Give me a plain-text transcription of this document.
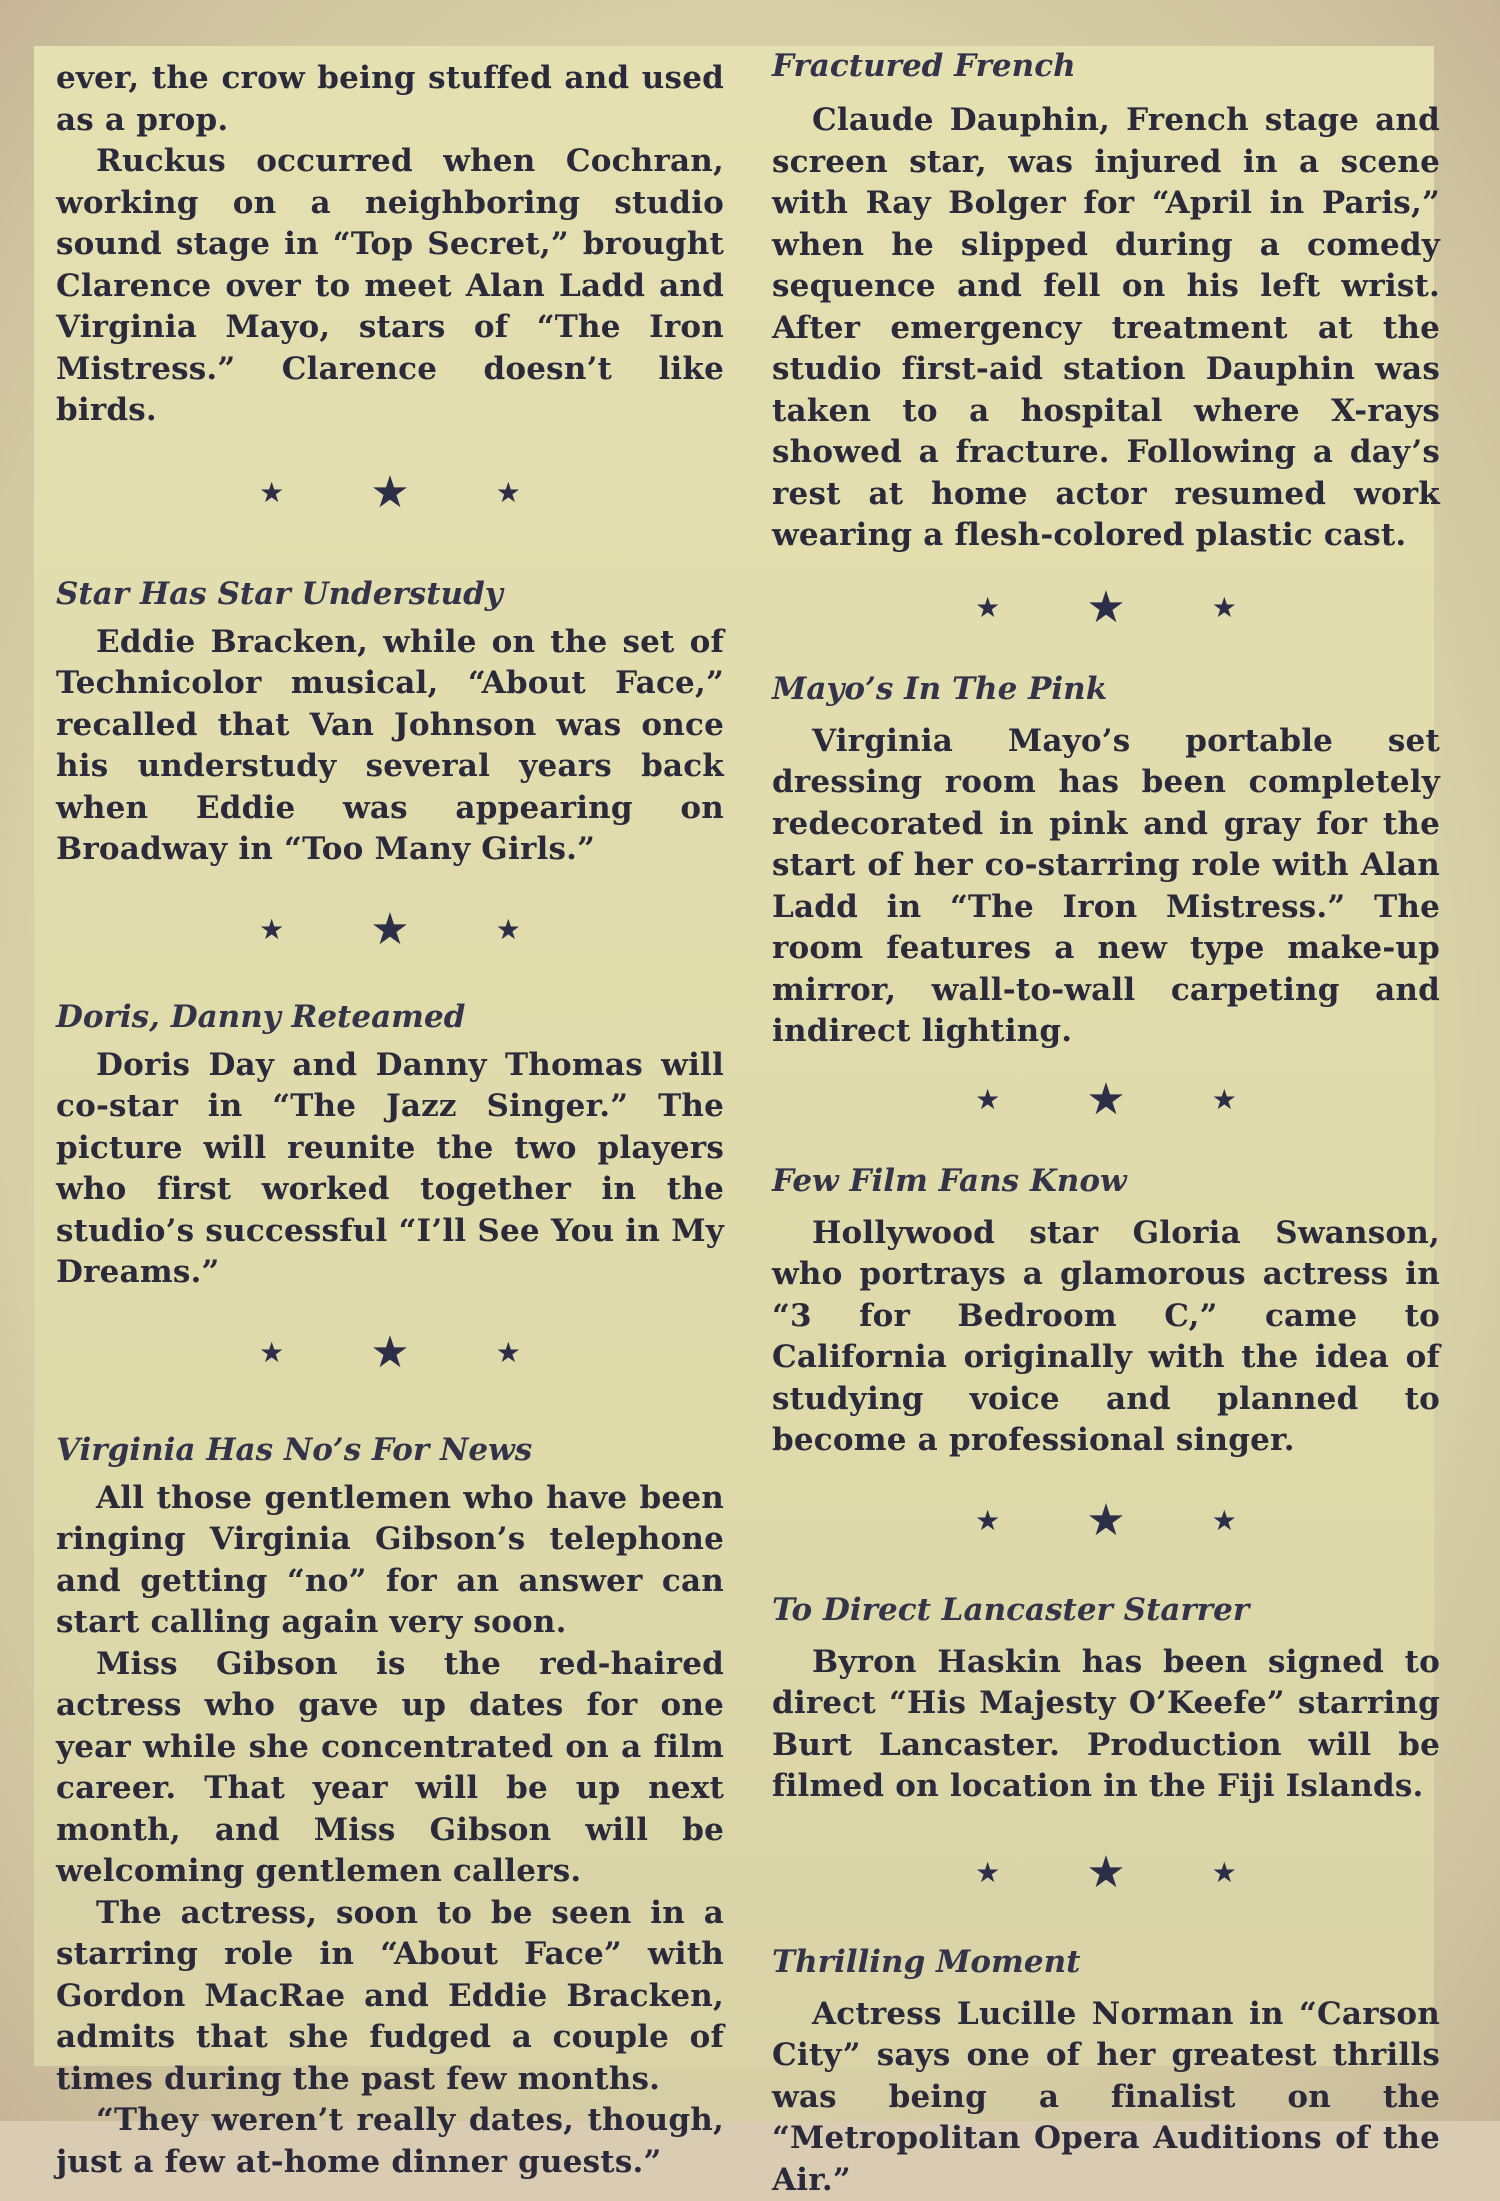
ever, the crow being stuffed and used as a prop.

Ruckus occurred when Cochran, working on a neighboring studio sound stage in “Top Secret,” brought Clarence over to meet Alan Ladd and Virginia Mayo, stars of “The Iron Mistress.” Clarence doesn’t like birds.

★ ★	★
Star Has Star Understudy

Eddie Bracken, while on the set of Technicolor musical, “About Face,” recalled that Van Johnson was once his understudy several years back when Eddie was appearing on Broadway in “Too Many Girls.”

★ ★	★
Doris, Danny Reteamed

Doris Day and Danny Thomas will co-star in “The Jazz Singer.” The picture will reunite the two players who first worked together in the studio’s successful “I’ll See You in My Dreams.”

★ ★	★
Virginia Has No’s For News

All those gentlemen who have been ringing Virginia Gibson’s telephone and getting “no” for an answer can start calling again very soon.

Miss Gibson is the red-haired actress who gave up dates for one year while she concentrated on a film career. That year will be up next month, and Miss Gibson will be welcoming gentlemen callers.

The actress, soon to be seen in a starring role in “About Face” with Gordon MacRae and Eddie Bracken, admits that she fudged a couple of times during the past few months.

“They weren’t really dates, though, just a few at-home dinner guests.”

Fractured French

Claude Dauphin, French stage and screen star, was injured in a scene with Ray Bolger for “April in Paris,” when he slipped during a comedy sequence and fell on his left wrist. After emergency treatment at the studio first-aid station Dauphin was taken to a hospital where X-rays showed a fracture. Following a day’s rest at home actor resumed work wearing a flesh-colored plastic cast.

★ ★	★
Mayo’s In The Pink

Virginia Mayo’s portable set dressing room has been completely redecorated in pink and gray for the start of her co-starring role with Alan Ladd in “The Iron Mistress.” The room features a new type make-up mirror, wall-to-wall carpeting and indirect lighting.

★ ★	★
Few Film Fans Know

Hollywood star Gloria Swanson, who portrays a glamorous actress in “3 for Bedroom C,” came to California originally with the idea of studying voice and planned to become a professional singer.

★ ★	★
To Direct Lancaster Starrer

Byron Haskin has been signed to direct “His Majesty O’Keefe” starring Burt Lancaster. Production will be filmed on location in the Fiji Islands.

★ ★	★
Thrilling Moment

Actress Lucille Norman in “Carson City” says one of her greatest thrills was being a finalist on the “Metropolitan Opera Auditions of the Air.”
